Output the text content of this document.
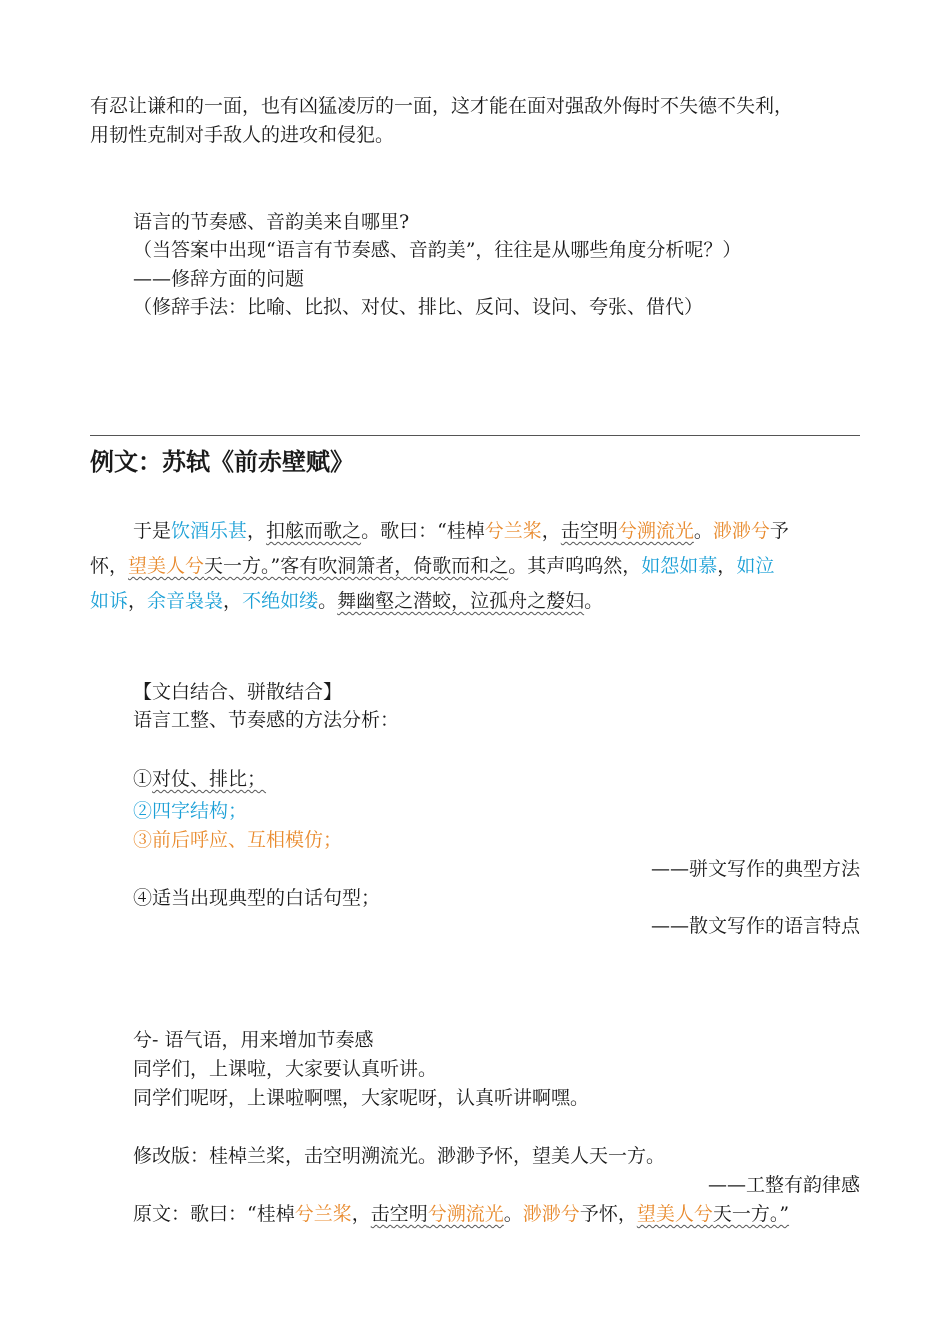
有忍让谦和的一面，也有凶猛凌厉的一面，这才能在面对强敌外侮时不失德不失利，
用韧性克制对手敌人的进攻和侵犯。
语言的节奏感、音韵美来自哪里?
（当答案中出现“语言有节奏感、音韵美”，往往是从哪些角度分析呢？）
——修辞方面的问题
（修辞手法：比喻、比拟、对仗、排比、反问、设问、夸张、借代）
例文：苏轼《前赤壁赋》
于是饮酒乐甚，扣舷而歌之。歌曰：“桂棹兮兰桨，击空明兮溯流光。渺渺兮予
怀，望美人兮天一方。”客有吹洞箫者，倚歌而和之。其声呜呜然，如怨如慕，如泣
如诉，余音袅袅，不绝如缕。舞幽壑之潜蛟，泣孤舟之嫠妇。
【文白结合、骈散结合】
语言工整、节奏感的方法分析：
①对仗、排比；
②四字结构；
③前后呼应、互相模仿；
——骈文写作的典型方法
④适当出现典型的白话句型；
——散文写作的语言特点
兮- 语气语，用来增加节奏感
同学们，上课啦，大家要认真听讲。
同学们呢呀，上课啦啊嘿，大家呢呀，认真听讲啊嘿。
修改版：桂棹兰桨，击空明溯流光。渺渺予怀，望美人天一方。
——工整有韵律感
原文：歌曰：“桂棹兮兰桨，击空明兮溯流光。渺渺兮予怀，望美人兮天一方。”
